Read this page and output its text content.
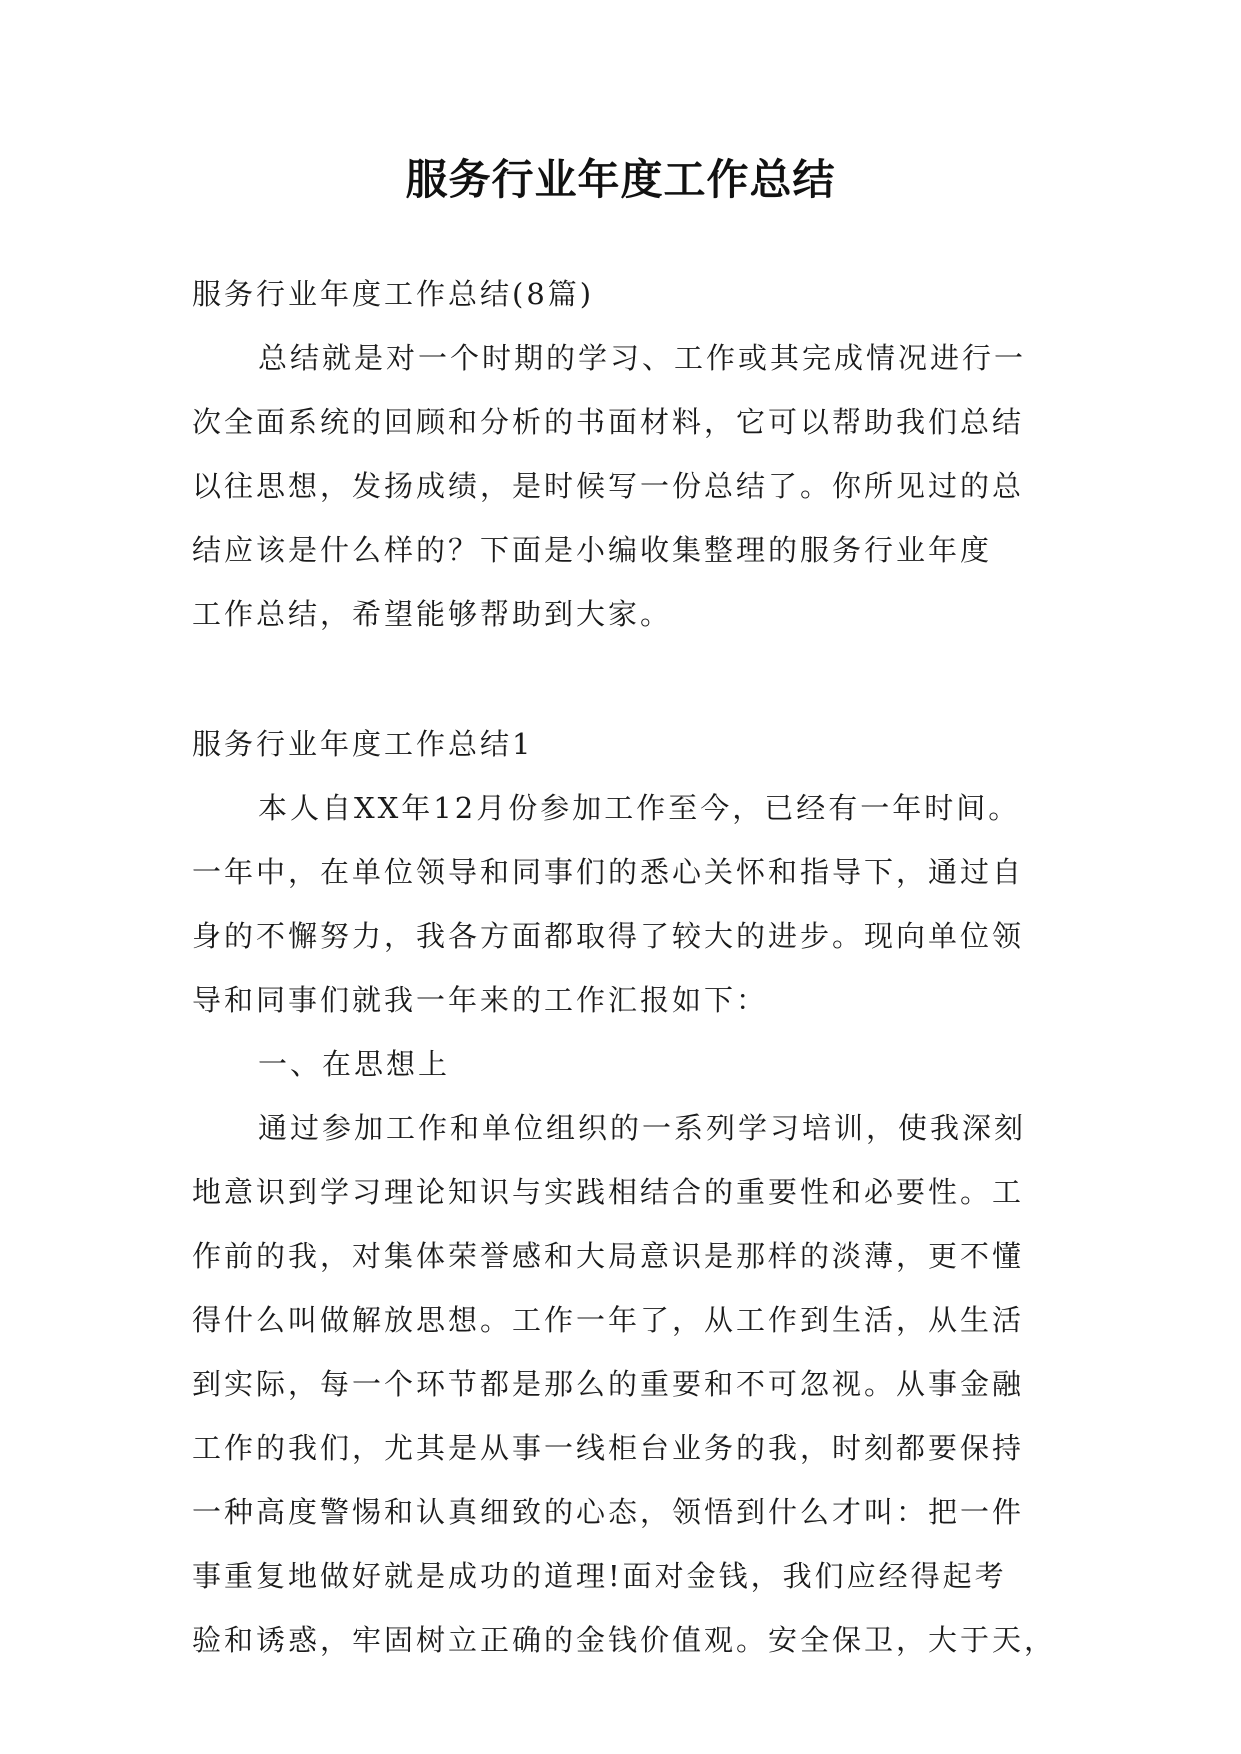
服务行业年度工作总结
服务行业年度工作总结(8篇)

总结就是对一个时期的学习、工作或其完成情况进行一
次全面系统的回顾和分析的书面材料，它可以帮助我们总结
以往思想，发扬成绩，是时候写一份总结了。你所见过的总
结应该是什么样的？下面是小编收集整理的服务行业年度
工作总结，希望能够帮助到大家。

服务行业年度工作总结1

本人自XX年12月份参加工作至今，已经有一年时间。
一年中，在单位领导和同事们的悉心关怀和指导下，通过自
身的不懈努力，我各方面都取得了较大的进步。现向单位领
导和同事们就我一年来的工作汇报如下：

一、在思想上

通过参加工作和单位组织的一系列学习培训，使我深刻
地意识到学习理论知识与实践相结合的重要性和必要性。工
作前的我，对集体荣誉感和大局意识是那样的淡薄，更不懂
得什么叫做解放思想。工作一年了，从工作到生活，从生活
到实际，每一个环节都是那么的重要和不可忽视。从事金融
工作的我们，尤其是从事一线柜台业务的我，时刻都要保持
一种高度警惕和认真细致的心态，领悟到什么才叫：把一件
事重复地做好就是成功的道理!面对金钱，我们应经得起考
验和诱惑，牢固树立正确的金钱价值观。安全保卫，大于天，
